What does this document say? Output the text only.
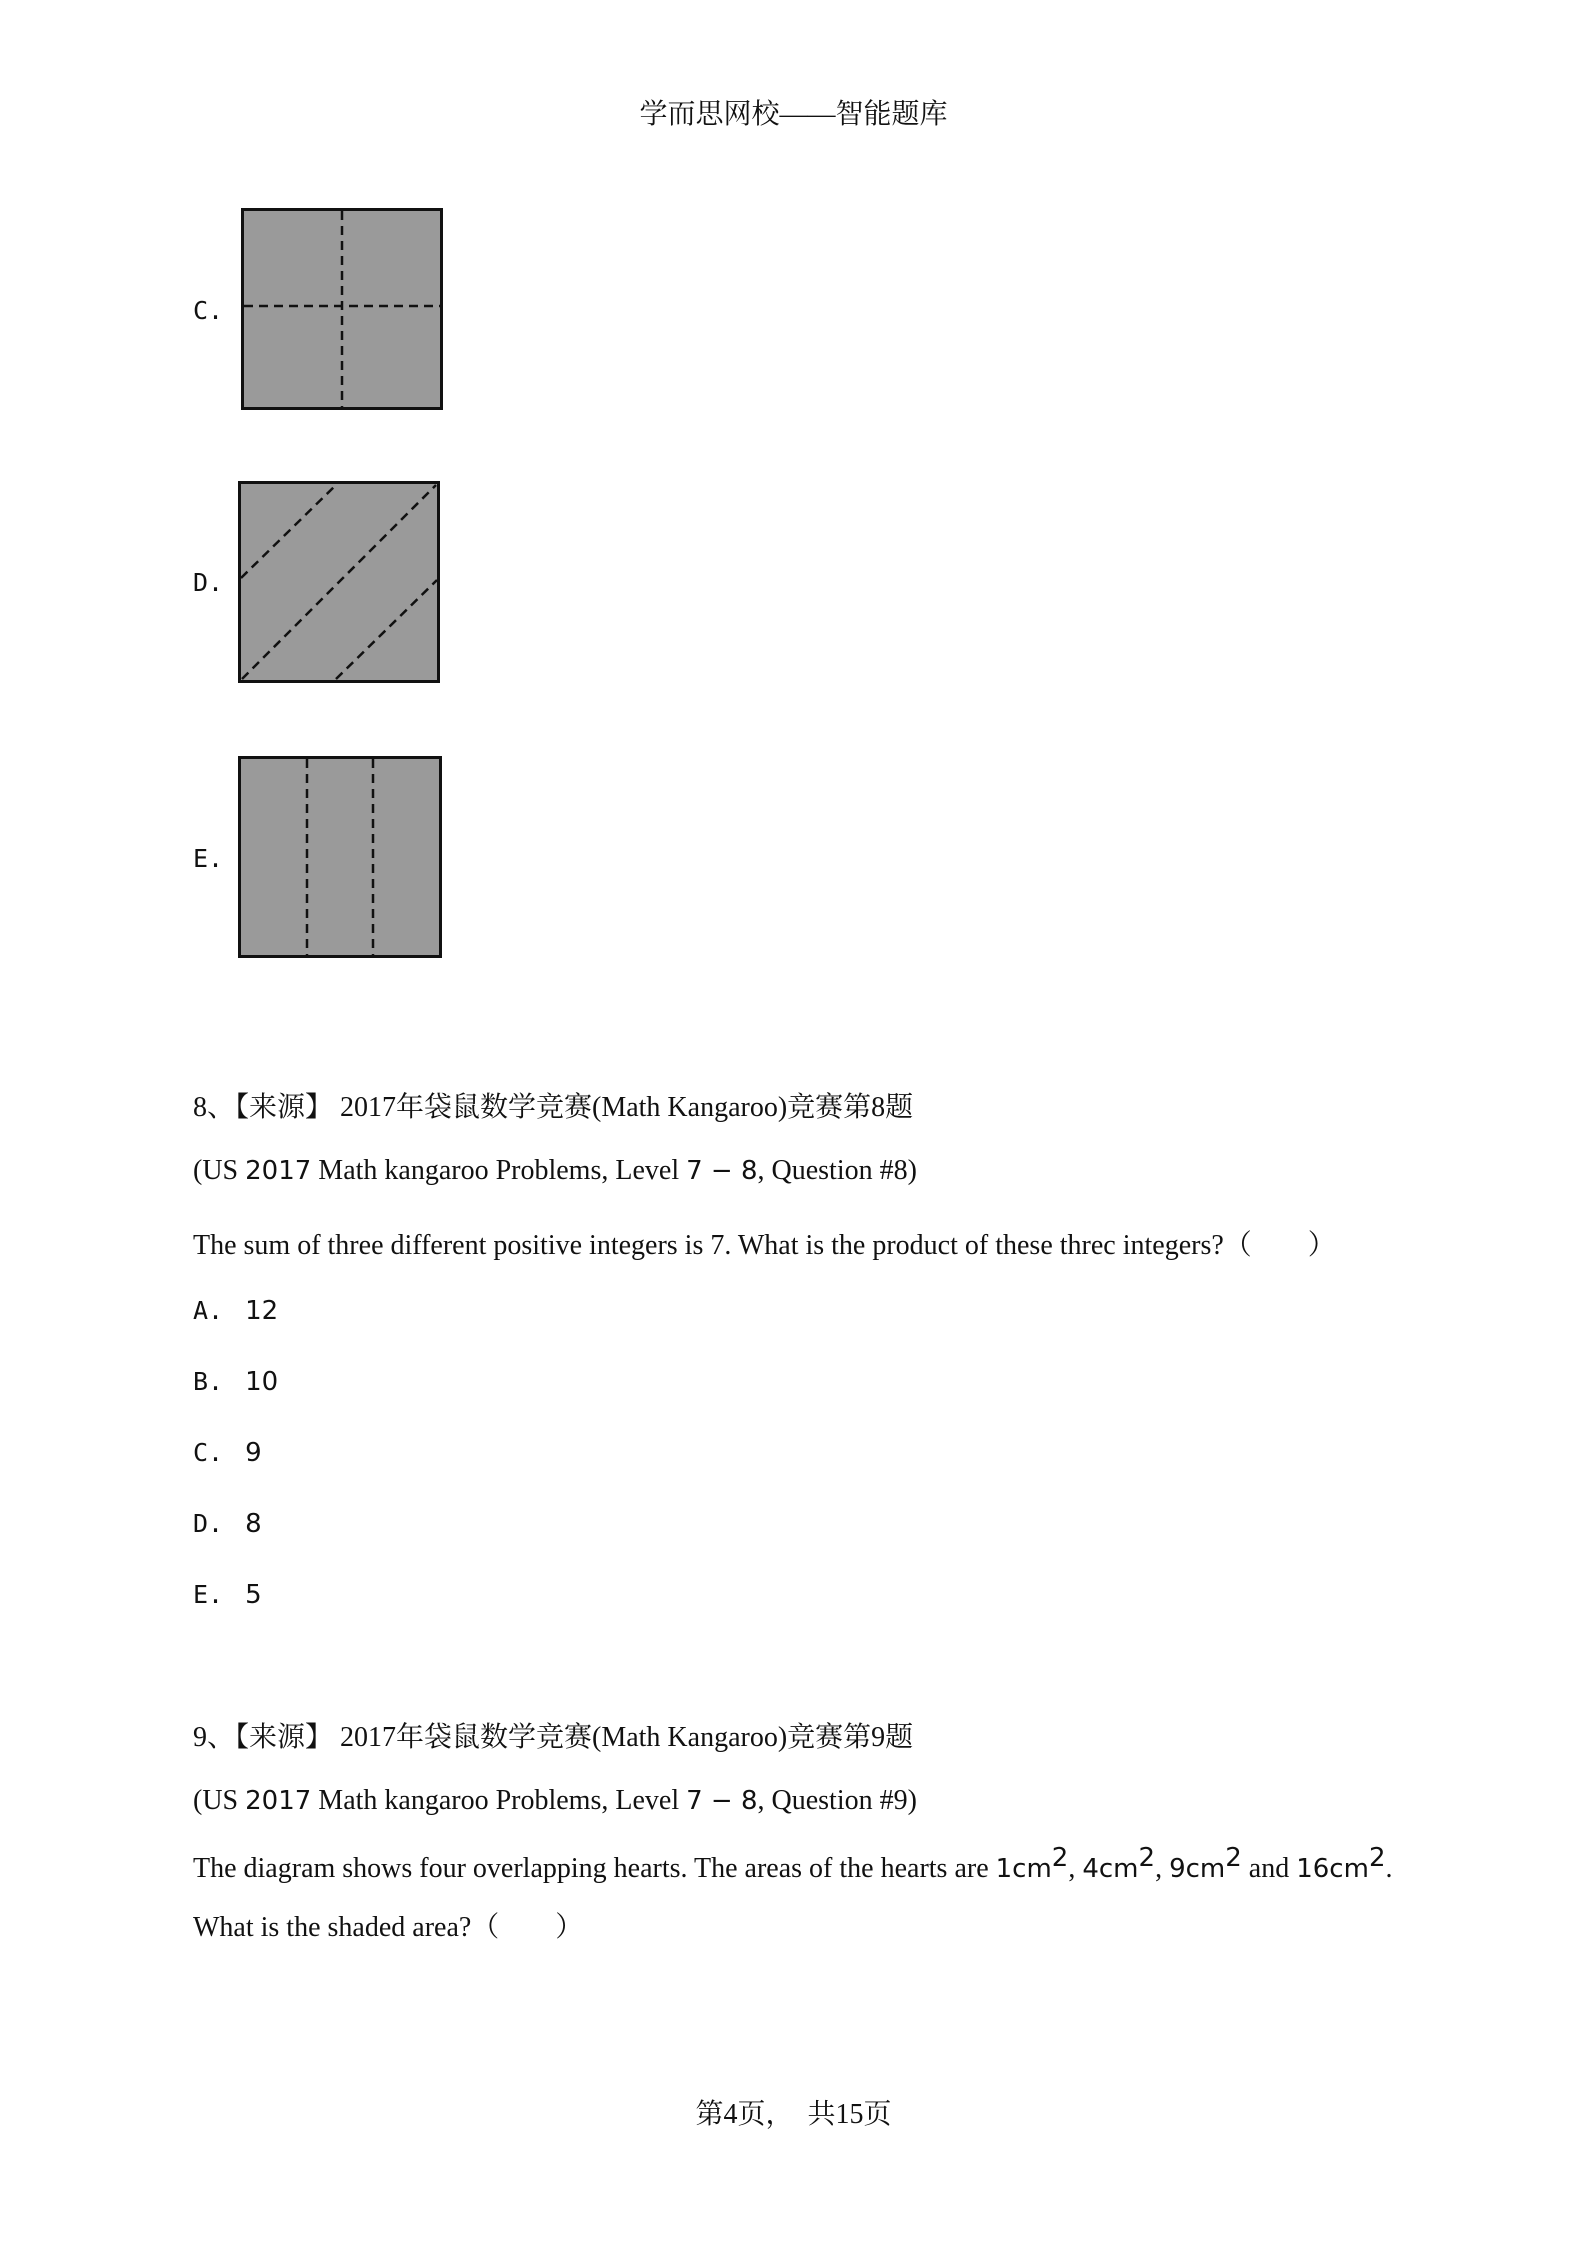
学而思网校——智能题库
C.
D.
E.
8、【来源】 2017年袋鼠数学竞赛(Math Kangaroo)竞赛第8题
(US 2017 Math kangaroo Problems, Level 7 − 8, Question #8)
The sum of three different positive integers is 7. What is the product of these threc integers?（　　）
A. 12
B. 10
C. 9
D. 8
E. 5
9、【来源】 2017年袋鼠数学竞赛(Math Kangaroo)竞赛第9题
(US 2017 Math kangaroo Problems, Level 7 − 8, Question #9)
The diagram shows four overlapping hearts. The areas of the hearts are $1cm^2$, $4cm^2$, $9cm^2$ and $16cm^2$.
What is the shaded area?（　　）
第4页，　共15页
